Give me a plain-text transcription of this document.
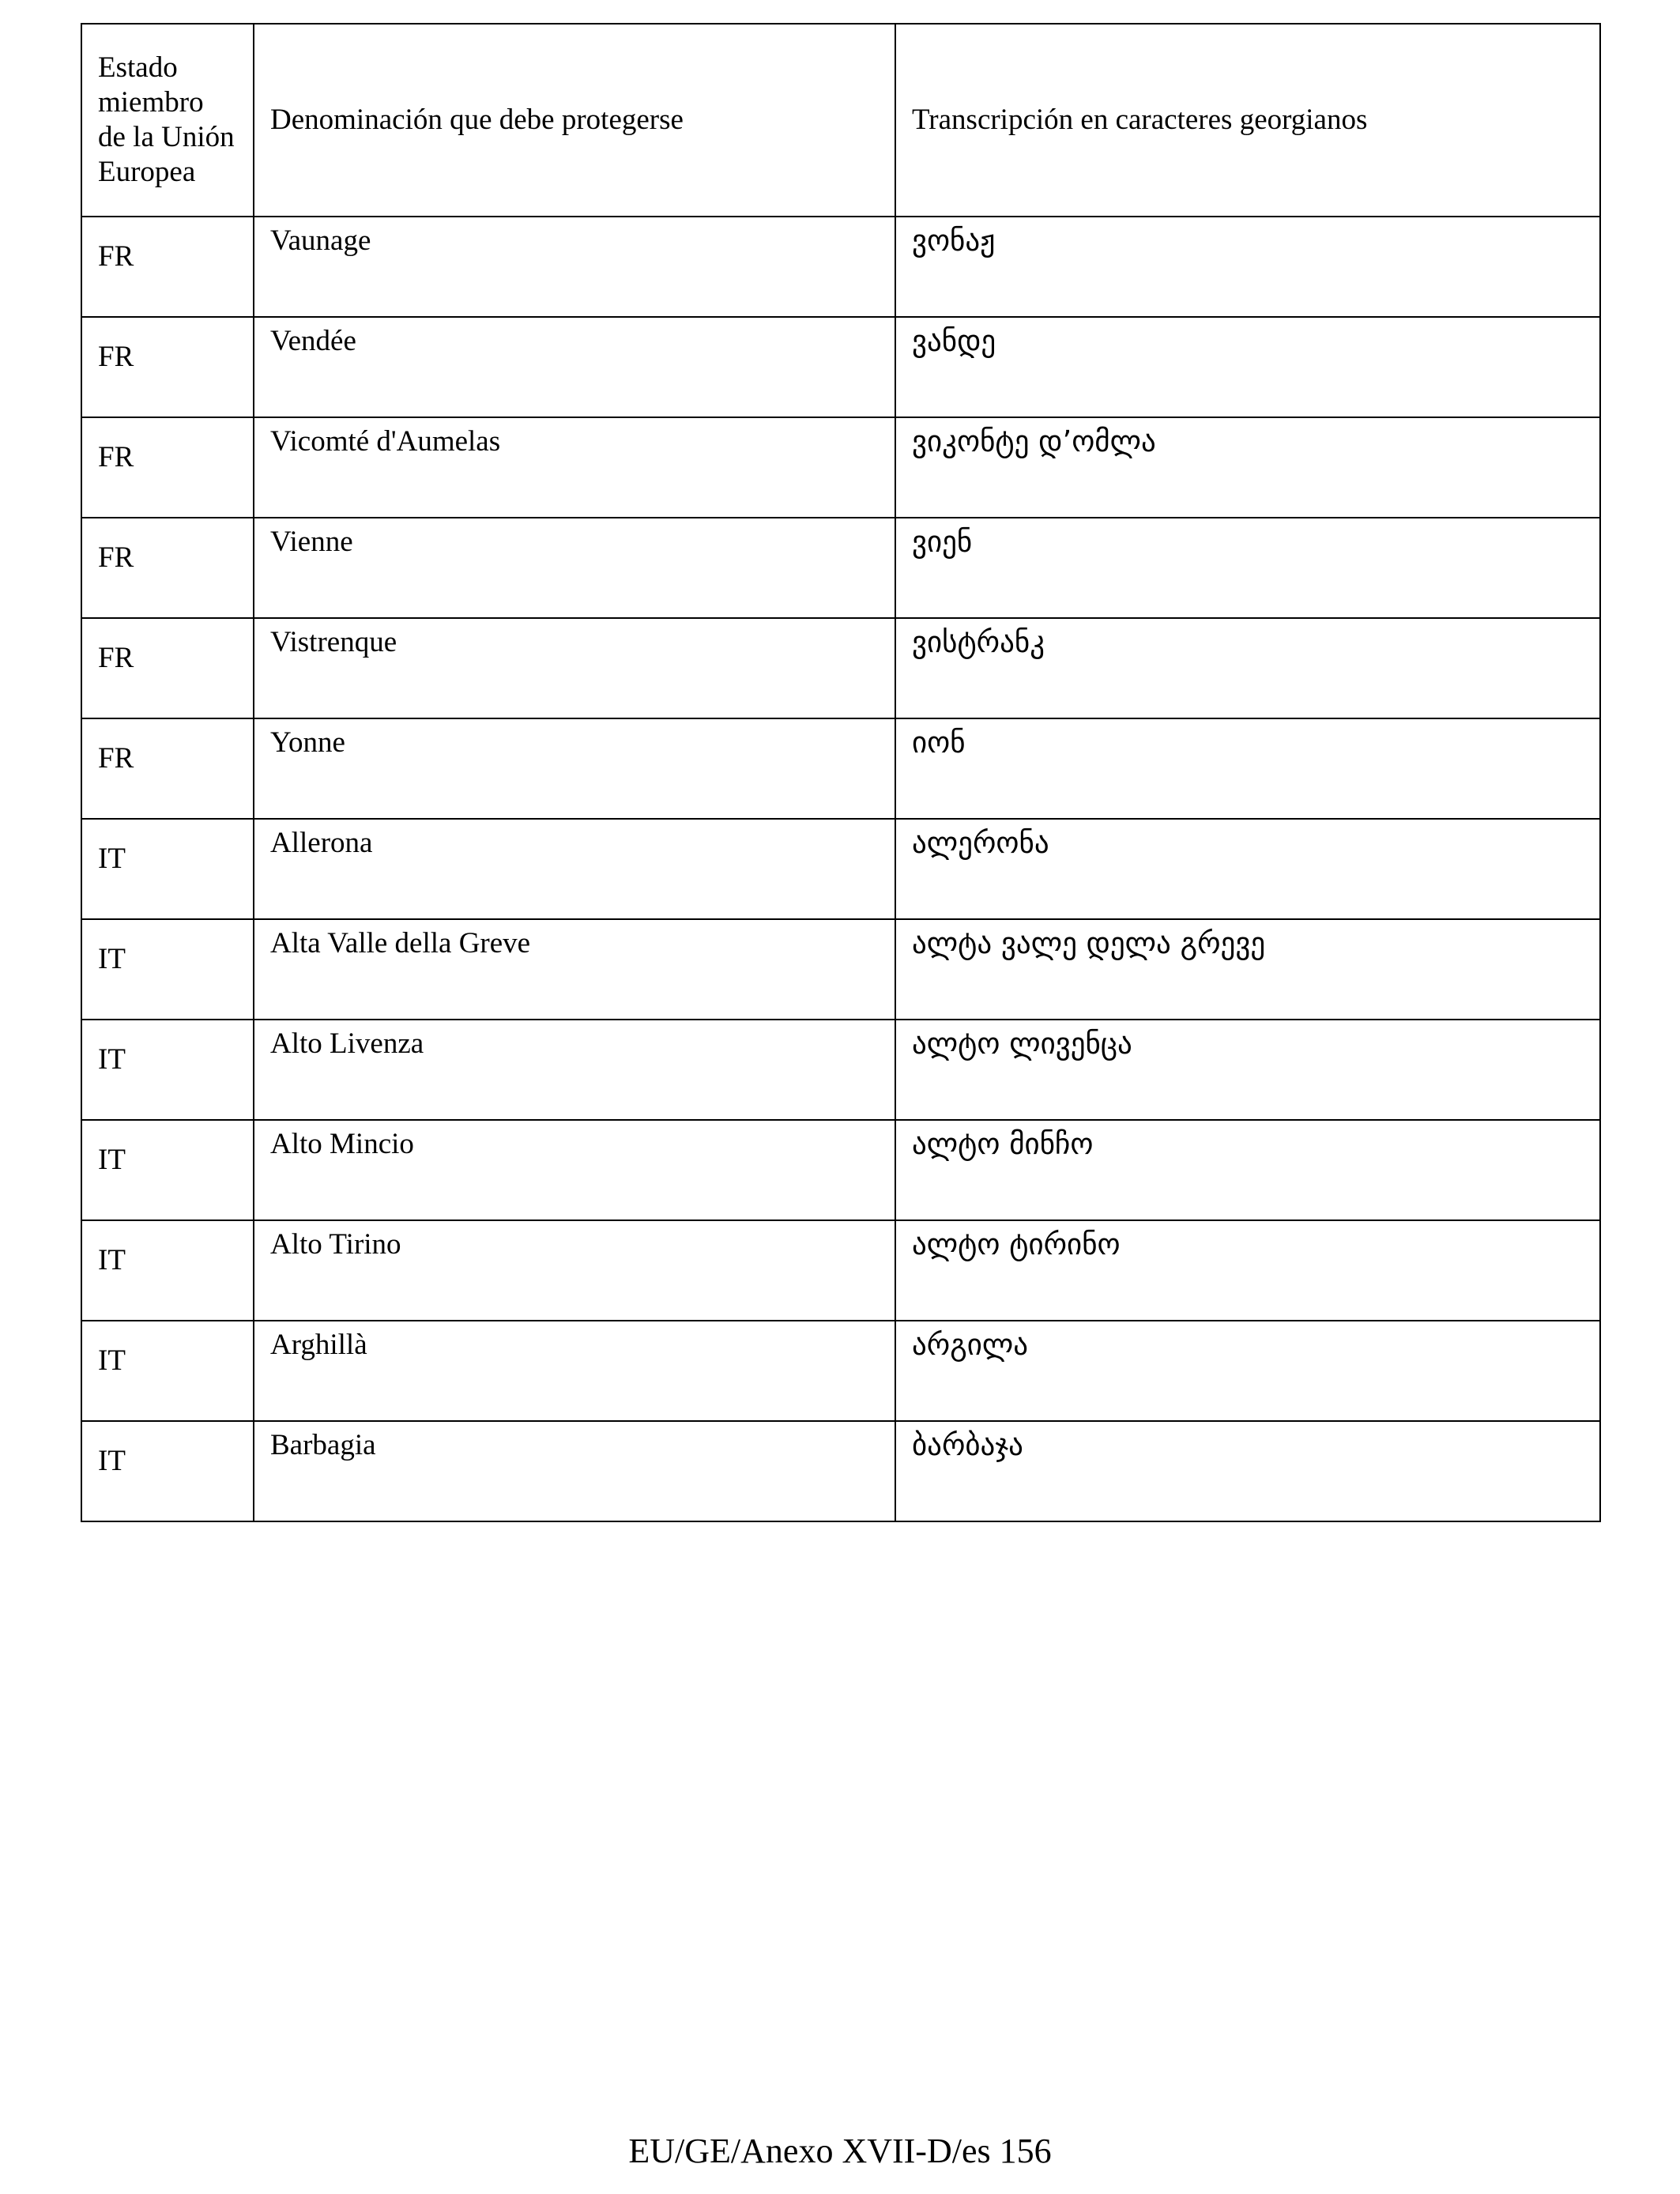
Estado miembro de la Unión Europea	Denominación que debe protegerse	Transcripción en caracteres georgianos
FR	Vaunage	ვონაჟ
FR	Vendée	ვანდე
FR	Vicomté d'Aumelas	ვიკონტე დ’ომლა
FR	Vienne	ვიენ
FR	Vistrenque	ვისტრანკ
FR	Yonne	იონ
IT	Allerona	ალერონა
IT	Alta Valle della Greve	ალტა ვალე დელა გრევე
IT	Alto Livenza	ალტო ლივენცა
IT	Alto Mincio	ალტო მინჩო
IT	Alto Tirino	ალტო ტირინო
IT	Arghillà	არგილა
IT	Barbagia	ბარბაჯა
EU/GE/Anexo XVII-D/es 156
